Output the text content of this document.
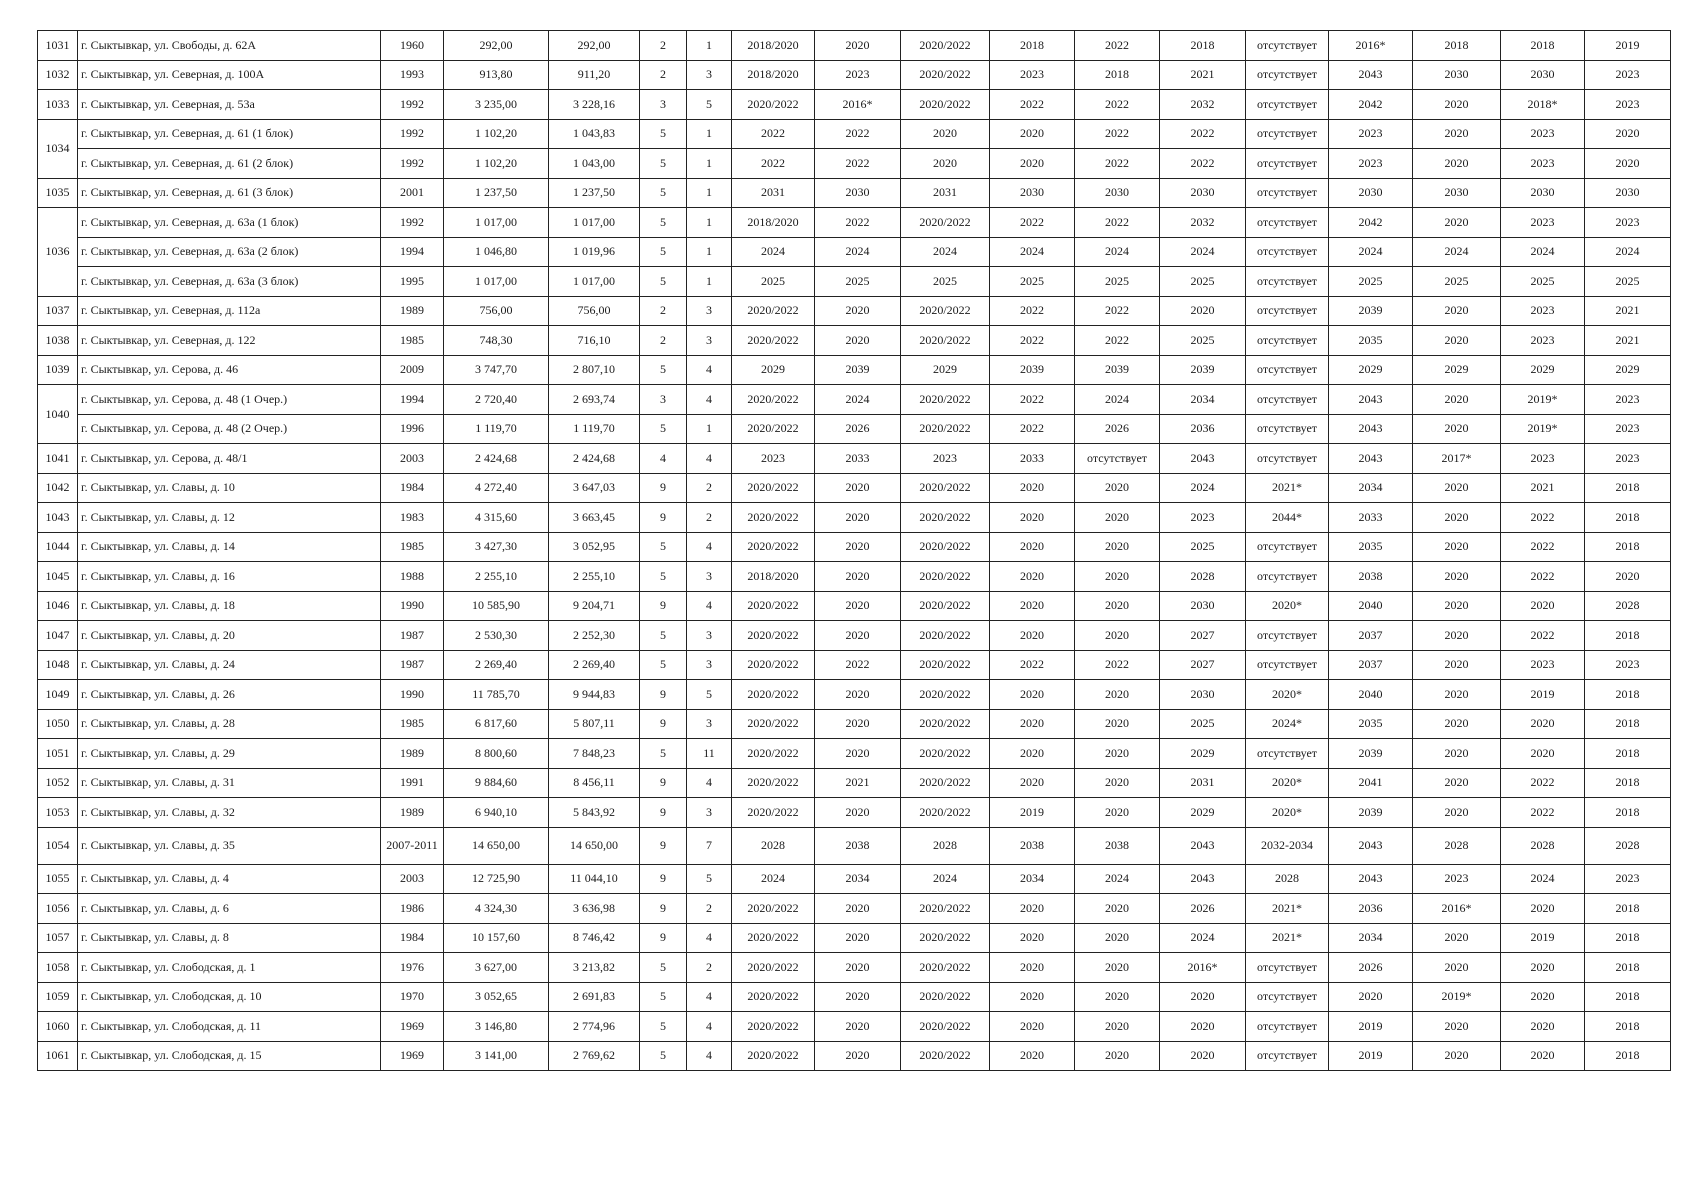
1031	г. Сыктывкар, ул. Свободы, д. 62А	1960	292,00	292,00	2	1	2018/2020	2020	2020/2022	2018	2022	2018	отсутствует	2016*	2018	2018	2019
1032	г. Сыктывкар, ул. Северная, д. 100А	1993	913,80	911,20	2	3	2018/2020	2023	2020/2022	2023	2018	2021	отсутствует	2043	2030	2030	2023
1033	г. Сыктывкар, ул. Северная, д. 53а	1992	3 235,00	3 228,16	3	5	2020/2022	2016*	2020/2022	2022	2022	2032	отсутствует	2042	2020	2018*	2023
1034	г. Сыктывкар, ул. Северная, д. 61 (1 блок)	1992	1 102,20	1 043,83	5	1	2022	2022	2020	2020	2022	2022	отсутствует	2023	2020	2023	2020
	г. Сыктывкар, ул. Северная, д. 61 (2 блок)	1992	1 102,20	1 043,00	5	1	2022	2022	2020	2020	2022	2022	отсутствует	2023	2020	2023	2020
1035	г. Сыктывкар, ул. Северная, д. 61 (3 блок)	2001	1 237,50	1 237,50	5	1	2031	2030	2031	2030	2030	2030	отсутствует	2030	2030	2030	2030
1036	г. Сыктывкар, ул. Северная, д. 63а (1 блок)	1992	1 017,00	1 017,00	5	1	2018/2020	2022	2020/2022	2022	2022	2032	отсутствует	2042	2020	2023	2023
	г. Сыктывкар, ул. Северная, д. 63а (2 блок)	1994	1 046,80	1 019,96	5	1	2024	2024	2024	2024	2024	2024	отсутствует	2024	2024	2024	2024
	г. Сыктывкар, ул. Северная, д. 63а (3 блок)	1995	1 017,00	1 017,00	5	1	2025	2025	2025	2025	2025	2025	отсутствует	2025	2025	2025	2025
1037	г. Сыктывкар, ул. Северная, д. 112а	1989	756,00	756,00	2	3	2020/2022	2020	2020/2022	2022	2022	2020	отсутствует	2039	2020	2023	2021
1038	г. Сыктывкар, ул. Северная, д. 122	1985	748,30	716,10	2	3	2020/2022	2020	2020/2022	2022	2022	2025	отсутствует	2035	2020	2023	2021
1039	г. Сыктывкар, ул. Серова, д. 46	2009	3 747,70	2 807,10	5	4	2029	2039	2029	2039	2039	2039	отсутствует	2029	2029	2029	2029
1040	г. Сыктывкар, ул. Серова, д. 48 (1 Очер.)	1994	2 720,40	2 693,74	3	4	2020/2022	2024	2020/2022	2022	2024	2034	отсутствует	2043	2020	2019*	2023
	г. Сыктывкар, ул. Серова, д. 48 (2 Очер.)	1996	1 119,70	1 119,70	5	1	2020/2022	2026	2020/2022	2022	2026	2036	отсутствует	2043	2020	2019*	2023
1041	г. Сыктывкар, ул. Серова, д. 48/1	2003	2 424,68	2 424,68	4	4	2023	2033	2023	2033	отсутствует	2043	отсутствует	2043	2017*	2023	2023
1042	г. Сыктывкар, ул. Славы, д. 10	1984	4 272,40	3 647,03	9	2	2020/2022	2020	2020/2022	2020	2020	2024	2021*	2034	2020	2021	2018
1043	г. Сыктывкар, ул. Славы, д. 12	1983	4 315,60	3 663,45	9	2	2020/2022	2020	2020/2022	2020	2020	2023	2044*	2033	2020	2022	2018
1044	г. Сыктывкар, ул. Славы, д. 14	1985	3 427,30	3 052,95	5	4	2020/2022	2020	2020/2022	2020	2020	2025	отсутствует	2035	2020	2022	2018
1045	г. Сыктывкар, ул. Славы, д. 16	1988	2 255,10	2 255,10	5	3	2018/2020	2020	2020/2022	2020	2020	2028	отсутствует	2038	2020	2022	2020
1046	г. Сыктывкар, ул. Славы, д. 18	1990	10 585,90	9 204,71	9	4	2020/2022	2020	2020/2022	2020	2020	2030	2020*	2040	2020	2020	2028
1047	г. Сыктывкар, ул. Славы, д. 20	1987	2 530,30	2 252,30	5	3	2020/2022	2020	2020/2022	2020	2020	2027	отсутствует	2037	2020	2022	2018
1048	г. Сыктывкар, ул. Славы, д. 24	1987	2 269,40	2 269,40	5	3	2020/2022	2022	2020/2022	2022	2022	2027	отсутствует	2037	2020	2023	2023
1049	г. Сыктывкар, ул. Славы, д. 26	1990	11 785,70	9 944,83	9	5	2020/2022	2020	2020/2022	2020	2020	2030	2020*	2040	2020	2019	2018
1050	г. Сыктывкар, ул. Славы, д. 28	1985	6 817,60	5 807,11	9	3	2020/2022	2020	2020/2022	2020	2020	2025	2024*	2035	2020	2020	2018
1051	г. Сыктывкар, ул. Славы, д. 29	1989	8 800,60	7 848,23	5	11	2020/2022	2020	2020/2022	2020	2020	2029	отсутствует	2039	2020	2020	2018
1052	г. Сыктывкар, ул. Славы, д. 31	1991	9 884,60	8 456,11	9	4	2020/2022	2021	2020/2022	2020	2020	2031	2020*	2041	2020	2022	2018
1053	г. Сыктывкар, ул. Славы, д. 32	1989	6 940,10	5 843,92	9	3	2020/2022	2020	2020/2022	2019	2020	2029	2020*	2039	2020	2022	2018
1054	г. Сыктывкар, ул. Славы, д. 35	2007-2011	14 650,00	14 650,00	9	7	2028	2038	2028	2038	2038	2043	2032-2034	2043	2028	2028	2028
1055	г. Сыктывкар, ул. Славы, д. 4	2003	12 725,90	11 044,10	9	5	2024	2034	2024	2034	2024	2043	2028	2043	2023	2024	2023
1056	г. Сыктывкар, ул. Славы, д. 6	1986	4 324,30	3 636,98	9	2	2020/2022	2020	2020/2022	2020	2020	2026	2021*	2036	2016*	2020	2018
1057	г. Сыктывкар, ул. Славы, д. 8	1984	10 157,60	8 746,42	9	4	2020/2022	2020	2020/2022	2020	2020	2024	2021*	2034	2020	2019	2018
1058	г. Сыктывкар, ул. Слободская, д. 1	1976	3 627,00	3 213,82	5	2	2020/2022	2020	2020/2022	2020	2020	2016*	отсутствует	2026	2020	2020	2018
1059	г. Сыктывкар, ул. Слободская, д. 10	1970	3 052,65	2 691,83	5	4	2020/2022	2020	2020/2022	2020	2020	2020	отсутствует	2020	2019*	2020	2018
1060	г. Сыктывкар, ул. Слободская, д. 11	1969	3 146,80	2 774,96	5	4	2020/2022	2020	2020/2022	2020	2020	2020	отсутствует	2019	2020	2020	2018
1061	г. Сыктывкар, ул. Слободская, д. 15	1969	3 141,00	2 769,62	5	4	2020/2022	2020	2020/2022	2020	2020	2020	отсутствует	2019	2020	2020	2018
